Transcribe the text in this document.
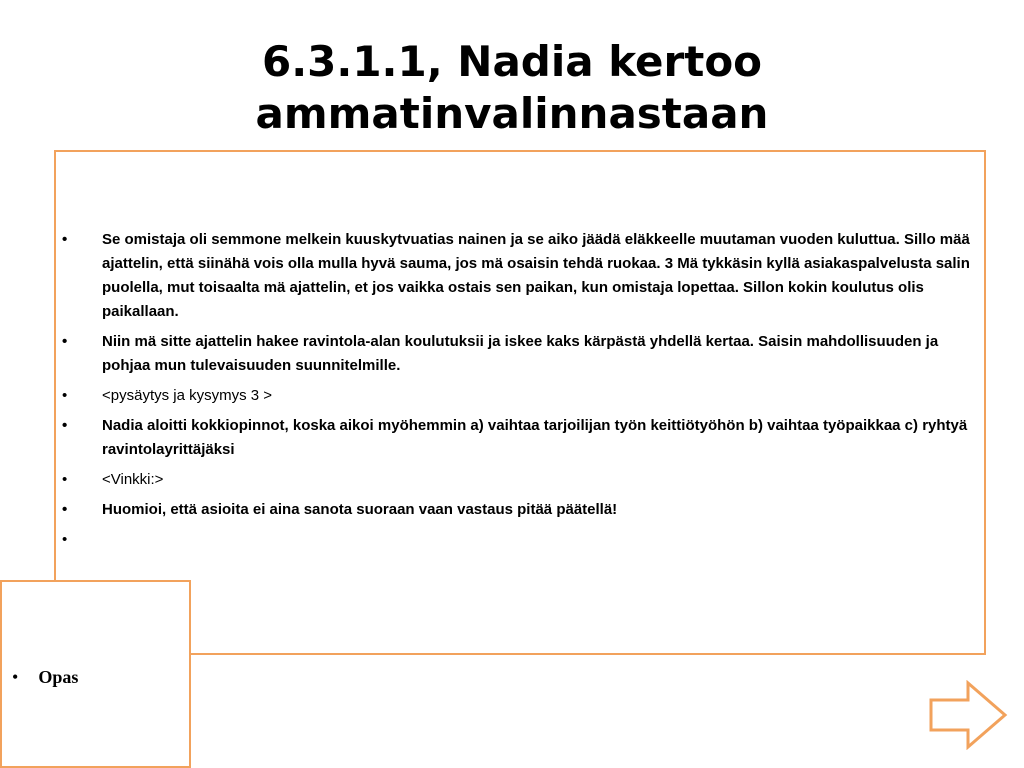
6.3.1.1, Nadia kertoo ammatinvalinnastaan
• Se omistaja oli semmone melkein kuuskytvuatias nainen ja se aiko jäädä eläkkeelle muutaman vuoden kuluttua. Sillo mää ajattelin, että siinähä vois olla mulla hyvä sauma, jos mä osaisin tehdä ruokaa. 3 Mä tykkäsin kyllä asiakaspalvelusta salin puolella, mut toisaalta mä ajattelin, et jos vaikka ostais sen paikan, kun omistaja lopettaa. Sillon kokin koulutus olis paikallaan.
• Niin mä sitte ajattelin hakee ravintola-alan koulutuksii ja iskee kaks kärpästä yhdellä kertaa. Saisin mahdollisuuden ja pohjaa mun tulevaisuuden suunnitelmille.
• <pysäytys ja kysymys 3 >
• Nadia aloitti kokkiopinnot, koska aikoi myöhemmin a) vaihtaa tarjoilijan työn keittiötyöhön b) vaihtaa työpaikkaa c) ryhtyä ravintolayrittäjäksi
• <Vinkki:>
• Huomioi, että asioita ei aina sanota suoraan vaan vastaus pitää päätellä!
•
• Opas
